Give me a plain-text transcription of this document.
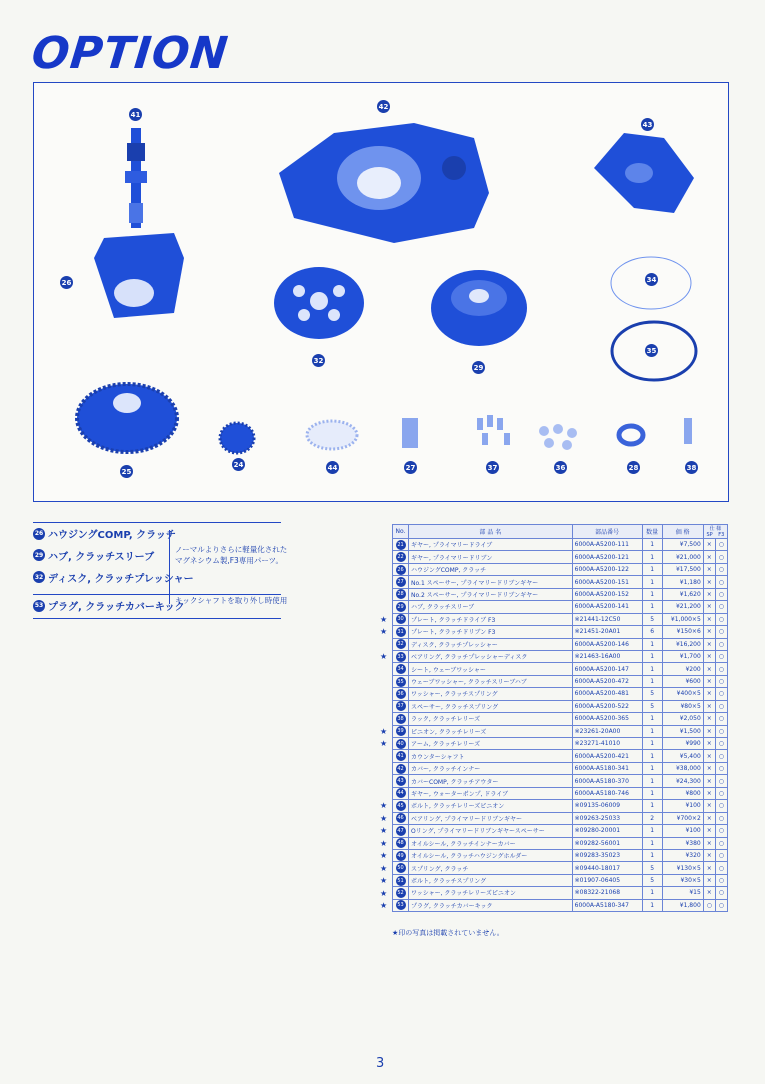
OPTION
41
42
43
26	34
35
32
29
25
24	44	27	37	36	28	38
26 ハウジングCOMP, クラッチ
29 ハブ, クラッチスリーブ
32 ディスク, クラッチプレッシャー
53 プラグ, クラッチカバーキック
ノーマルよりさらに軽量化された
マグネシウム製,F3専用パーツ。
キックシャフトを取り外し時使用
No.	部 品 名	部品番号	数量	価 格	仕 様
SP F3	

21	ギヤー, プライマリードライブ	6000A-A5200-111	1	¥7,500	×	○
22	ギヤー, プライマリードリブン	6000A-A5200-121	1	¥21,000	×	○
26	ハウジングCOMP, クラッチ	6000A-A5200-122	1	¥17,500	×	○
27	No.1 スペーサー, プライマリードリブンギヤー	6000A-A5200-151	1	¥1,180	×	○
28	No.2 スペーサー, プライマリードリブンギヤー	6000A-A5200-152	1	¥1,620	×	○
29	ハブ, クラッチスリーブ	6000A-A5200-141	1	¥21,200	×	○
30	プレート, クラッチドライブ F3	※21441-12C50	5	¥1,000×5	×	○
31	プレート, クラッチドリブン F3	※21451-20A01	6	¥150×6	×	○
32	ディスク, クラッチプレッシャー	6000A-A5200-146	1	¥16,200	×	○
33	ベアリング, クラッチプレッシャーディスク	※21463-16A00	1	¥1,700	×	○
34	シート, ウェーブワッシャー	6000A-A5200-147	1	¥200	×	○
35	ウェーブワッシャー, クラッチスリーブハブ	6000A-A5200-472	1	¥600	×	○
36	ワッシャー, クラッチスプリング	6000A-A5200-481	5	¥400×5	×	○
37	スペーサー, クラッチスプリング	6000A-A5200-522	5	¥80×5	×	○
38	ラック, クラッチレリーズ	6000A-A5200-365	1	¥2,050	×	○
39	ピニオン, クラッチレリーズ	※23261-20A00	1	¥1,500	×	○
40	アーム, クラッチレリーズ	※23271-41010	1	¥990	×	○
41	カウンターシャフト	6000A-A5200-421	1	¥5,400	×	○
42	カバー, クラッチインナー	6000A-A5180-341	1	¥38,000	×	○
43	カバーCOMP, クラッチアウター	6000A-A5180-370	1	¥24,300	×	○
44	ギヤー, ウォーターポンプ, ドライブ	6000A-A5180-746	1	¥800	×	○
45	ボルト, クラッチレリーズピニオン	※09135-06009	1	¥100	×	○
46	ベアリング, プライマリードリブンギヤー	※09263-25033	2	¥700×2	×	○
47	Oリング, プライマリードリブンギヤースペーサー	※09280-20001	1	¥100	×	○
48	オイルシール, クラッチインナーカバー	※09282-56001	1	¥380	×	○
49	オイルシール, クラッチハウジングホルダー	※09283-35023	1	¥320	×	○
50	スプリング, クラッチ	※09440-18017	5	¥130×5	×	○
51	ボルト, クラッチスプリング	※01907-06405	5	¥30×5	×	○
52	ワッシャー, クラッチレリーズピニオン	※08322-21068	1	¥15	×	○
53	プラグ, クラッチカバーキック	6000A-A5180-347	1	¥1,800	○	○
★
★
★
★
★
★
★
★
★
★
★
★
★
★
★印の写真は掲載されていません。
3
